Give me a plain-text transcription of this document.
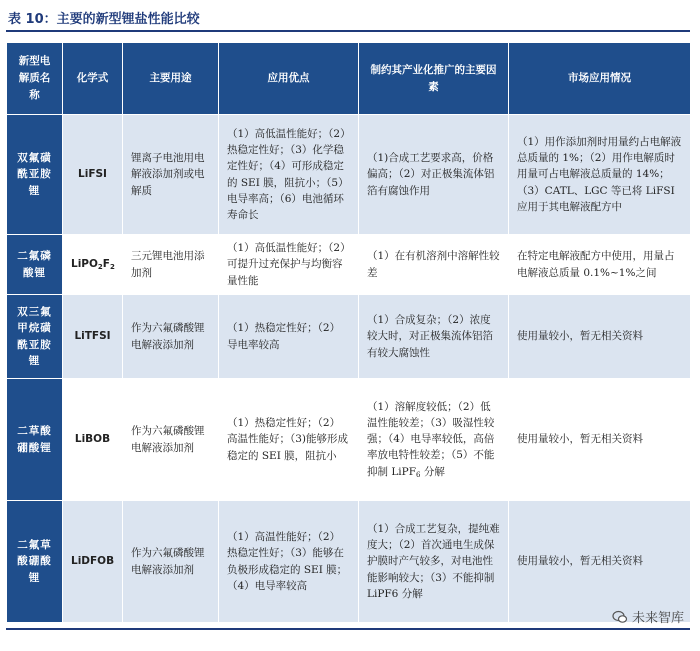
表 10：主要的新型锂盐性能比较
新型电解质名称	化学式	主要用途	应用优点	制约其产业化推广的主要因素	市场应用情况
双氟磺酰亚胺锂	LiFSI	锂离子电池用电解液添加剂或电解质	（1）高低温性能好；（2）热稳定性好；（3）化学稳定性好；（4）可形成稳定的 SEI 膜，阻抗小；（5）电导率高；（6）电池循环寿命长	（1)合成工艺要求高，价格偏高；（2）对正极集流体铝箔有腐蚀作用	（1）用作添加剂时用量约占电解液总质量的 1%；（2）用作电解质时用量可占电解液总质量的 14%；（3）CATL、LGC 等已将 LiFSI 应用于其电解液配方中
二氟磷酸锂	$LiPO_2F_2$	三元锂电池用添加剂	（1）高低温性能好；（2）可提升过充保护与均衡容量性能	（1）在有机溶剂中溶解性较差	在特定电解液配方中使用，用量占电解液总质量 0.1%~1%之间
双三氟甲烷磺酰亚胺锂	LiTFSI	作为六氟磷酸锂电解液添加剂	（1）热稳定性好；（2）导电率较高	（1）合成复杂；（2）浓度较大时，对正极集流体铝箔有较大腐蚀性	使用量较小，暂无相关资料
二草酸硼酸锂	LiBOB	作为六氟磷酸锂电解液添加剂	（1）热稳定性好；（2）高温性能好；（3)能够形成稳定的 SEI 膜，阻抗小	（1）溶解度较低；（2）低温性能较差；（3）吸湿性较强；（4）电导率较低，高倍率放电特性较差；（5）不能抑制 LiPF$_6$ 分解	使用量较小，暂无相关资料
二氟草酸硼酸锂	LiDFOB	作为六氟磷酸锂电解液添加剂	（1）高温性能好；（2）热稳定性好；（3）能够在负极形成稳定的 SEI 膜；（4）电导率较高	（1）合成工艺复杂，提纯难度大；（2）首次通电生成保护膜时产气较多，对电池性能影响较大；（3）不能抑制 LiPF6 分解	使用量较小，暂无相关资料
未来智库
